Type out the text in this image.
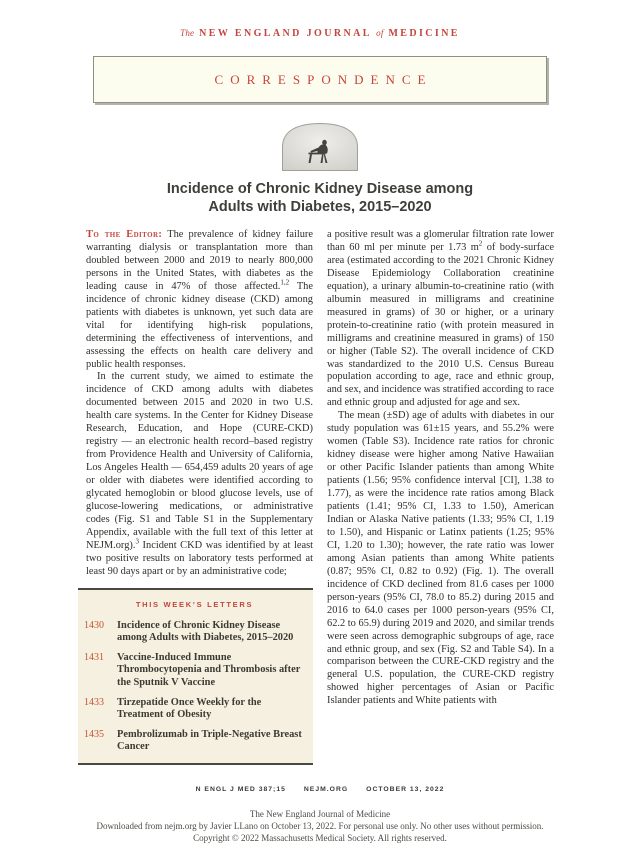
The NEW ENGLAND JOURNAL of MEDICINE
CORRESPONDENCE
Incidence of Chronic Kidney Disease among
Adults with Diabetes, 2015–2020

To the Editor: The prevalence of kidney failure warranting dialysis or transplantation more than doubled between 2000 and 2019 to nearly 800,000 persons in the United States, with diabetes as the leading cause in 47% of those affected.$^{1,2}$ The incidence of chronic kidney disease (CKD) among patients with diabetes is unknown, yet such data are vital for identifying high-risk populations, determining the effectiveness of interventions, and assessing the effects on health care delivery and public health responses.

In the current study, we aimed to estimate the incidence of CKD among adults with diabetes documented between 2015 and 2020 in two U.S. health care systems. In the Center for Kidney Disease Research, Education, and Hope (CURE-CKD) registry — an electronic health record–based registry from Providence Health and University of California, Los Angeles Health — 654,459 adults 20 years of age or older with diabetes were identified according to glycated hemoglobin or blood glucose levels, use of glucose-lowering medications, or administrative codes (Fig. S1 and Table S1 in the Supplementary Appendix, available with the full text of this letter at NEJM.org).$^3$ Incident CKD was identified by at least two positive results on laboratory tests performed at least 90 days apart or by an administrative code;

THIS WEEK’S LETTERS
1430	Incidence of Chronic Kidney Disease among Adults with Diabetes, 2015–2020
1431	Vaccine-Induced Immune Thrombocytopenia and Thrombosis after the Sputnik V Vaccine
1433	Tirzepatide Once Weekly for the Treatment of Obesity
1435	Pembrolizumab in Triple-Negative Breast Cancer

a positive result was a glomerular filtration rate lower than 60 ml per minute per 1.73 $m^2$ of body-surface area (estimated according to the 2021 Chronic Kidney Disease Epidemiology Collaboration creatinine equation), a urinary albumin-to-creatinine ratio (with albumin measured in milligrams and creatinine measured in grams) of 30 or higher, or a urinary protein-to-creatinine ratio (with protein measured in milligrams and creatinine measured in grams) of 150 or higher (Table S2). The overall incidence of CKD was standardized to the 2010 U.S. Census Bureau population according to age, race and ethnic group, and sex, and incidence was stratified according to race and ethnic group and adjusted for age and sex.

The mean (±SD) age of adults with diabetes in our study population was 61±15 years, and 55.2% were women (Table S3). Incidence rate ratios for chronic kidney disease were higher among Native Hawaiian or other Pacific Islander patients than among White patients (1.56; 95% confidence interval [CI], 1.38 to 1.77), as were the incidence rate ratios among Black patients (1.41; 95% CI, 1.33 to 1.50), American Indian or Alaska Native patients (1.33; 95% CI, 1.19 to 1.50), and Hispanic or Latinx patients (1.25; 95% CI, 1.20 to 1.30); however, the rate ratio was lower among Asian patients than among White patients (0.87; 95% CI, 0.82 to 0.92) (Fig. 1). The overall incidence of CKD declined from 81.6 cases per 1000 person-years (95% CI, 78.0 to 85.2) during 2015 and 2016 to 64.0 cases per 1000 person-years (95% CI, 62.2 to 65.9) during 2019 and 2020, and similar trends were seen across demographic subgroups of age, race and ethnic group, and sex (Fig. S2 and Table S4). In a comparison between the CURE-CKD registry and the general U.S. population, the CURE-CKD registry showed higher percentages of Asian or Pacific Islander patients and White patients with

N ENGL J MED 387;15	NEJM.ORG	OCTOBER 13, 2022
The New England Journal of Medicine
Downloaded from nejm.org by Javier LLano on October 13, 2022. For personal use only. No other uses without permission.
Copyright © 2022 Massachusetts Medical Society. All rights reserved.
